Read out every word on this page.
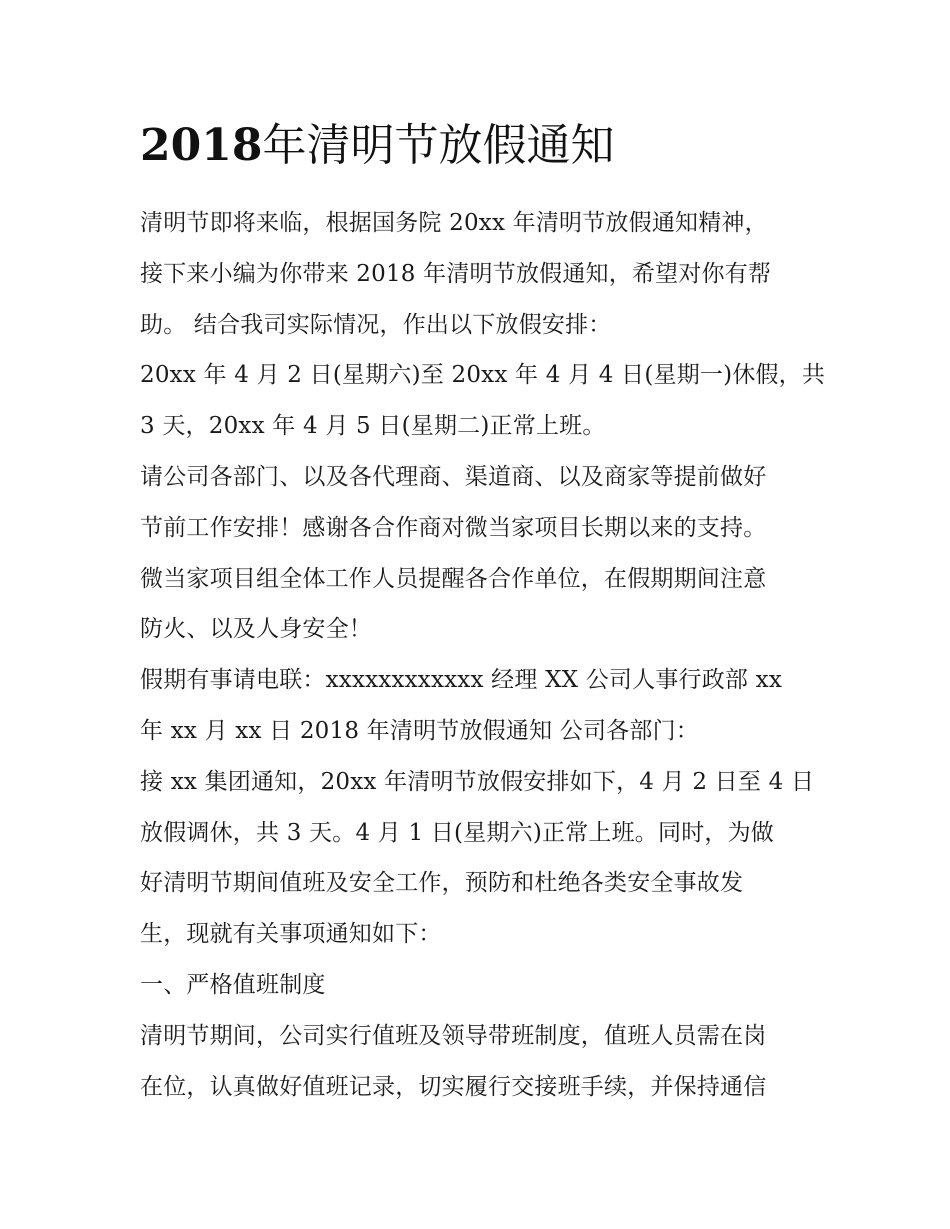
2018年清明节放假通知
清明节即将来临，根据国务院 20xx 年清明节放假通知精神，
接下来小编为你带来 2018 年清明节放假通知，希望对你有帮
助。 结合我司实际情况，作出以下放假安排：
20xx 年 4 月 2 日(星期六)至 20xx 年 4 月 4 日(星期一)休假，共
3 天，20xx 年 4 月 5 日(星期二)正常上班。
请公司各部门、以及各代理商、渠道商、以及商家等提前做好
节前工作安排！感谢各合作商对微当家项目长期以来的支持。
微当家项目组全体工作人员提醒各合作单位，在假期期间注意
防火、以及人身安全！
假期有事请电联：xxxxxxxxxxxx 经理 XX 公司人事行政部 xx
年 xx 月 xx 日 2018 年清明节放假通知 公司各部门：
接 xx 集团通知，20xx 年清明节放假安排如下，4 月 2 日至 4 日
放假调休，共 3 天。4 月 1 日(星期六)正常上班。同时，为做
好清明节期间值班及安全工作，预防和杜绝各类安全事故发
生，现就有关事项通知如下：
一、严格值班制度
清明节期间，公司实行值班及领导带班制度，值班人员需在岗
在位，认真做好值班记录，切实履行交接班手续，并保持通信
